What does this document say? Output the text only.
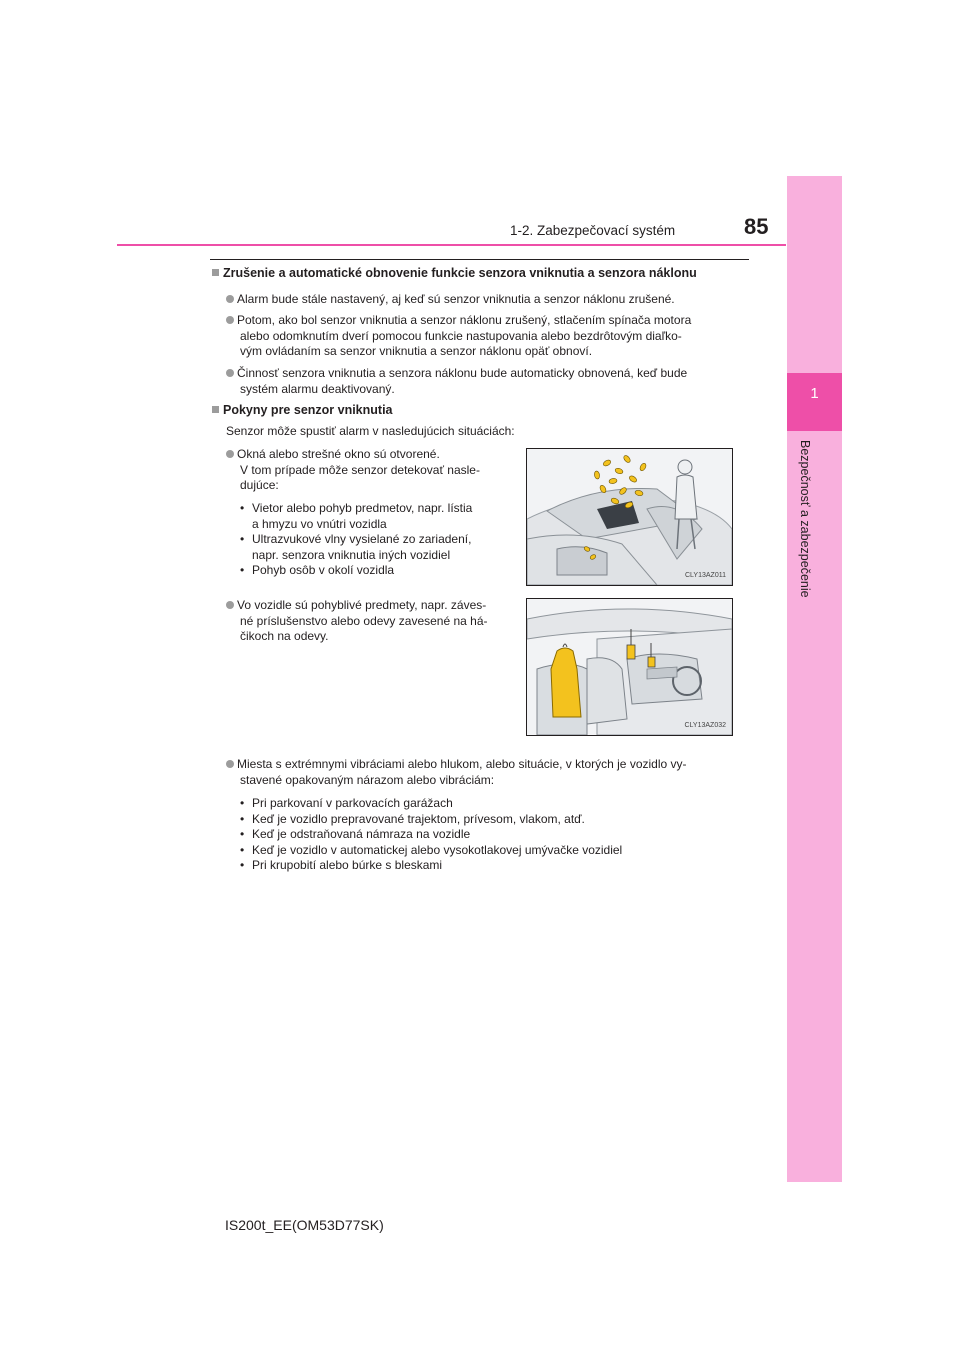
1
Bezpečnosť a zabezpečenie
1-2. Zabezpečovací systém	85
Zrušenie a automatické obnovenie funkcie senzora vniknutia a senzora náklonu
Alarm bude stále nastavený, aj keď sú senzor vniknutia a senzor náklonu zrušené.
Potom, ako bol senzor vniknutia a senzor náklonu zrušený, stlačením spínača motora
alebo odomknutím dverí pomocou funkcie nastupovania alebo bezdrôtovým diaľko-
vým ovládaním sa senzor vniknutia a senzor náklonu opäť obnoví.
Činnosť senzora vniknutia a senzora náklonu bude automaticky obnovená, keď bude
systém alarmu deaktivovaný.
Pokyny pre senzor vniknutia
Senzor môže spustiť alarm v nasledujúcich situáciách:
Okná alebo strešné okno sú otvorené.
V tom prípade môže senzor detekovať nasle-
dujúce:
• Vietor alebo pohyb predmetov, napr. lístia
a hmyzu vo vnútri vozidla
• Ultrazvukové vlny vysielané zo zariadení,
napr. senzora vniknutia iných vozidiel
• Pohyb osôb v okolí vozidla	CLY13AZ011
Vo vozidle sú pohyblivé predmety, napr. záves-
né príslušenstvo alebo odevy zavesené na há-
čikoch na odevy.
CLY13AZ032
Miesta s extrémnymi vibráciami alebo hlukom, alebo situácie, v ktorých je vozidlo vy-
stavené opakovaným nárazom alebo vibráciám:
• Pri parkovaní v parkovacích garážach
• Keď je vozidlo prepravované trajektom, prívesom, vlakom, atď.
• Keď je odstraňovaná námraza na vozidle
• Keď je vozidlo v automatickej alebo vysokotlakovej umývačke vozidiel
• Pri krupobití alebo búrke s bleskami
IS200t_EE(OM53D77SK)
